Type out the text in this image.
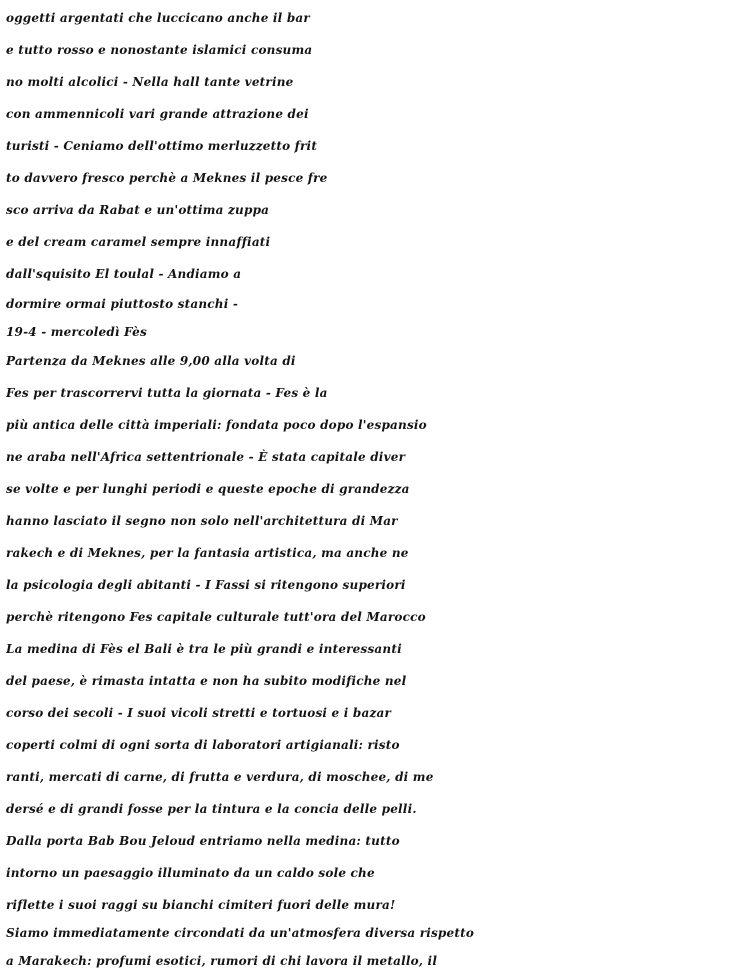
oggetti argentati che luccicano anche il bar
e tutto rosso e nonostante islamici consuma
no molti alcolici - Nella hall tante vetrine
con ammennicoli vari grande attrazione dei
turisti - Ceniamo dell'ottimo merluzzetto frit
to davvero fresco perchè a Meknes il pesce fre
sco arriva da Rabat e un'ottima zuppa
e del cream caramel sempre innaffiati
dall'squisito El toulal - Andiamo a
dormire ormai piuttosto stanchi -
19-4 - mercoledì Fès
Partenza da Meknes alle 9,00 alla volta di
Fes per trascorrervi tutta la giornata - Fes è la
più antica delle città imperiali: fondata poco dopo l'espansio
ne araba nell'Africa settentrionale - È stata capitale diver
se volte e per lunghi periodi e queste epoche di grandezza
hanno lasciato il segno non solo nell'architettura di Mar
rakech e di Meknes, per la fantasia artistica, ma anche ne
la psicologia degli abitanti - I Fassi si ritengono superiori
perchè ritengono Fes capitale culturale tutt'ora del Marocco
La medina di Fès el Bali è tra le più grandi e interessanti
del paese, è rimasta intatta e non ha subito modifiche nel
corso dei secoli - I suoi vicoli stretti e tortuosi e i bazar
coperti colmi di ogni sorta di laboratori artigianali: risto
ranti, mercati di carne, di frutta e verdura, di moschee, di me
dersé e di grandi fosse per la tintura e la concia delle pelli.
Dalla porta Bab Bou Jeloud entriamo nella medina: tutto
intorno un paesaggio illuminato da un caldo sole che
riflette i suoi raggi su bianchi cimiteri fuori delle mura!
Siamo immediatamente circondati da un'atmosfera diversa rispetto
a Marakech: profumi esotici, rumori di chi lavora il metallo, il
